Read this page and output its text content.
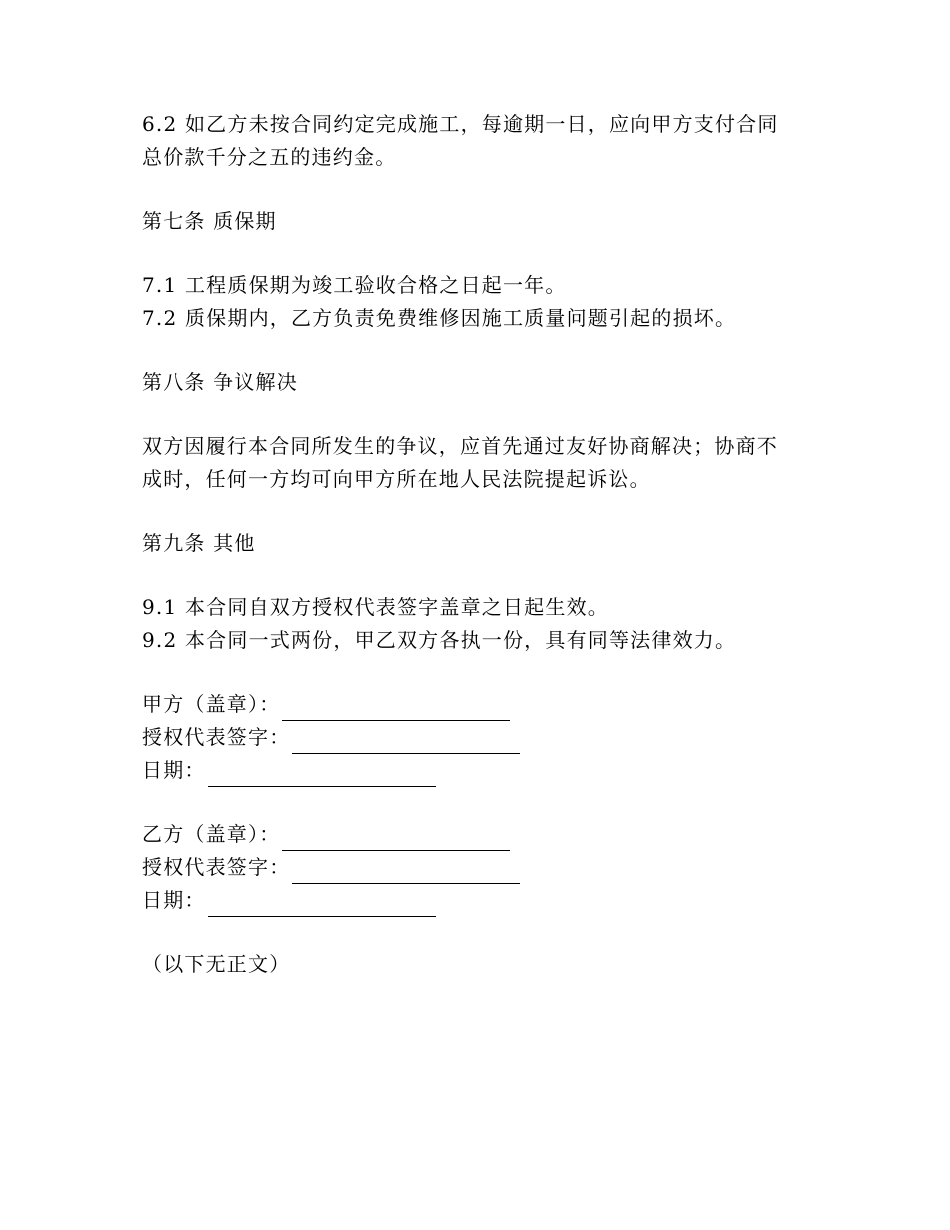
6.2 如乙方未按合同约定完成施工，每逾期一日，应向甲方支付合同

总价款千分之五的违约金。

第七条 质保期

7.1 工程质保期为竣工验收合格之日起一年。

7.2 质保期内，乙方负责免费维修因施工质量问题引起的损坏。

第八条 争议解决

双方因履行本合同所发生的争议，应首先通过友好协商解决；协商不

成时，任何一方均可向甲方所在地人民法院提起诉讼。

第九条 其他

9.1 本合同自双方授权代表签字盖章之日起生效。

9.2 本合同一式两份，甲乙双方各执一份，具有同等法律效力。

甲方（盖章）：
授权代表签字：
日期：
乙方（盖章）：
授权代表签字：
日期：

（以下无正文）
